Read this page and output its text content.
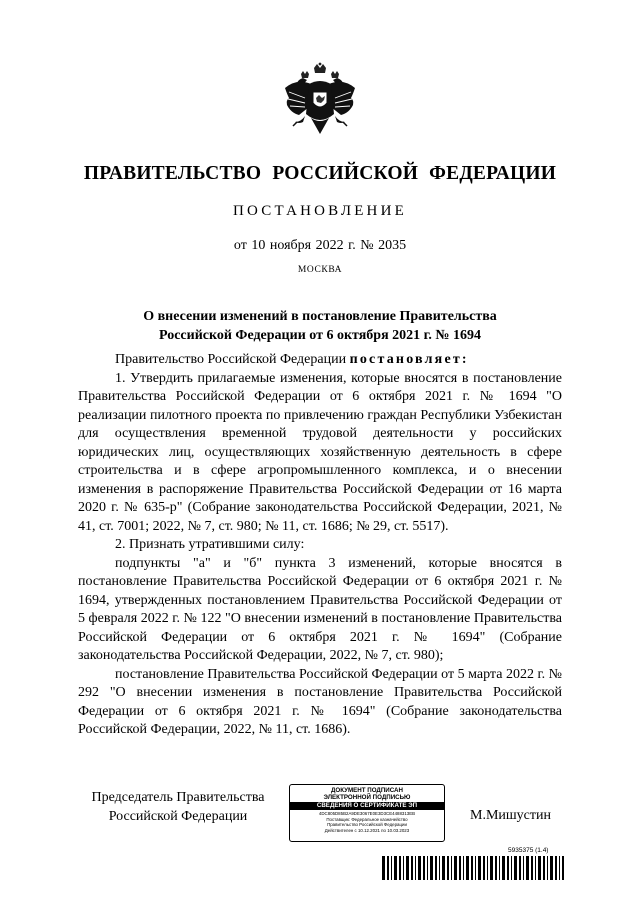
ПРАВИТЕЛЬСТВО РОССИЙСКОЙ ФЕДЕРАЦИИ
ПОСТАНОВЛЕНИЕ
от 10 ноября 2022 г. № 2035
МОСКВА
О внесении изменений в постановление Правительства
Российской Федерации от 6 октября 2021 г. № 1694

Правительство Российской Федерации постановляет:

1. Утвердить прилагаемые изменения, которые вносятся в постановление Правительства Российской Федерации от 6 октября 2021 г. № 1694 "О реализации пилотного проекта по привлечению граждан Республики Узбекистан для осуществления временной трудовой деятельности у российских юридических лиц, осуществляющих хозяйственную деятельность в сфере строительства и в сфере агропромышленного комплекса, и о внесении изменения в распоряжение Правительства Российской Федерации от 16 марта 2020 г. № 635-р" (Собрание законодательства Российской Федерации, 2021, № 41, ст. 7001; 2022, № 7, ст. 980; № 11, ст. 1686; № 29, ст. 5517).

2. Признать утратившими силу:

подпункты "а" и "б" пункта 3 изменений, которые вносятся в постановление Правительства Российской Федерации от 6 октября 2021 г. № 1694, утвержденных постановлением Правительства Российской Федерации от 5 февраля 2022 г. № 122 "О внесении изменений в постановление Правительства Российской Федерации от 6 октября 2021 г. № 1694" (Собрание законодательства Российской Федерации, 2022, № 7, ст. 980);

постановление Правительства Российской Федерации от 5 марта 2022 г. № 292 "О внесении изменения в постановление Правительства Российской Федерации от 6 октября 2021 г. № 1694" (Собрание законодательства Российской Федерации, 2022, № 11, ст. 1686).

Председатель Правительства
Российской Федерации
ДОКУМЕНТ ПОДПИСАН
ЭЛЕКТРОННОЙ ПОДПИСЬЮ
СВЕДЕНИЯ О СЕРТИФИКАТЕ ЭП
4DC805D85B2A9DE3067E0E3D3CE4488313EB
Поставщик: Федеральное казначейство
Правительство Российской Федерации
Действителен с 10.12.2021 по 10.03.2023
М.Мишустин
5935375 (1.4)
